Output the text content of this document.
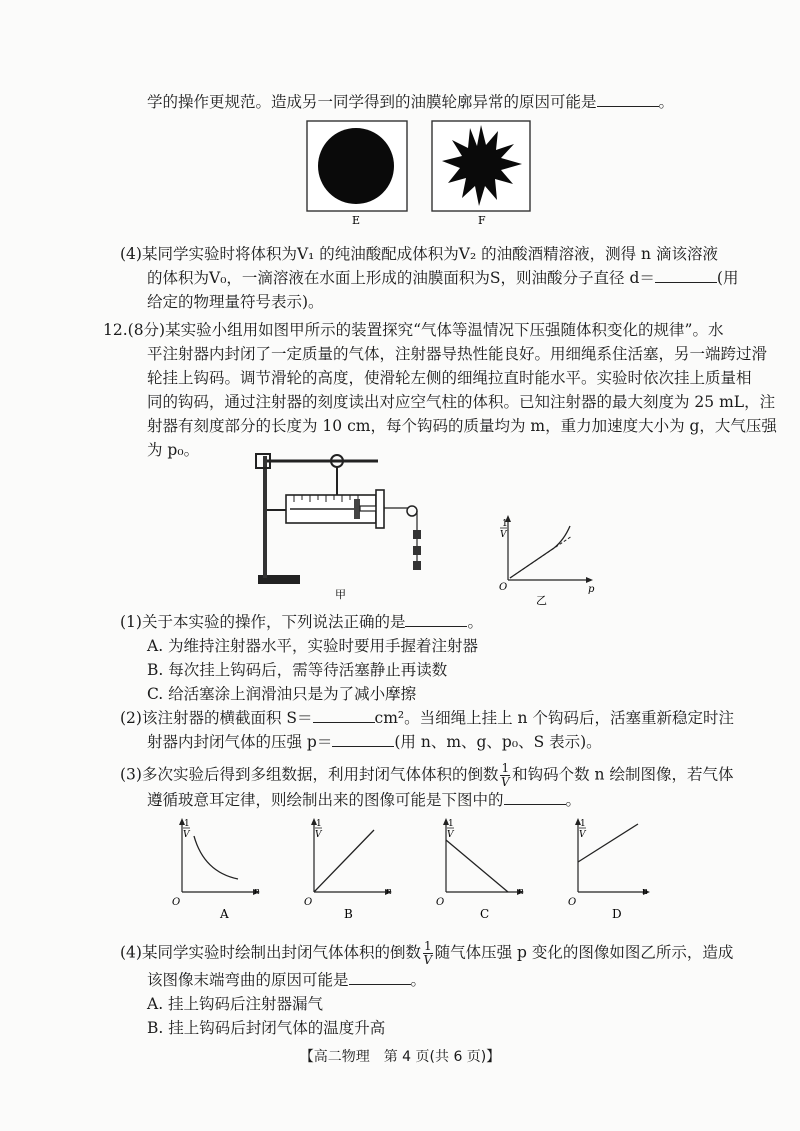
学的操作更规范。造成另一同学得到的油膜轮廓异常的原因可能是	。
E	F
(4)某同学实验时将体积为V₁ 的纯油酸配成体积为V₂ 的油酸酒精溶液，测得 n 滴该溶液
的体积为V₀，一滴溶液在水面上形成的油膜面积为S，则油酸分子直径 d＝	(用
给定的物理量符号表示)。
12.(8分)某实验小组用如图甲所示的装置探究“气体等温情况下压强随体积变化的规律”。水
平注射器内封闭了一定质量的气体，注射器导热性能良好。用细绳系住活塞，另一端跨过滑
轮挂上钩码。调节滑轮的高度，使滑轮左侧的细绳拉直时能水平。实验时依次挂上质量相
同的钩码，通过注射器的刻度读出对应空气柱的体积。已知注射器的最大刻度为 25 mL，注
射器有刻度部分的长度为 10 cm，每个钩码的质量均为 m，重力加速度大小为 g，大气压强
为 p₀。
甲
1
V
O	p
乙
(1)关于本实验的操作，下列说法正确的是	。
A. 为维持注射器水平，实验时要用手握着注射器
B. 每次挂上钩码后，需等待活塞静止再读数
C. 给活塞涂上润滑油只是为了减小摩擦
(2)该注射器的横截面积 S＝	cm²。当细绳上挂上 n 个钩码后，活塞重新稳定时注
射器内封闭气体的压强 p＝	(用 n、m、g、p₀、S 表示)。
(3)多次实验后得到多组数据，利用封闭气体体积的倒数 $\frac{1}{V}$ 和钩码个数 n 绘制图像，若气体
遵循玻意耳定律，则绘制出来的图像可能是下图中的	。
1
V
O
n
A
1
V
O
n
B
1
V
O
n
C
1
V
O
n
D
(4)某同学实验时绘制出封闭气体体积的倒数 $\frac{1}{V}$ 随气体压强 p 变化的图像如图乙所示，造成
该图像末端弯曲的原因可能是	。
A. 挂上钩码后注射器漏气
B. 挂上钩码后封闭气体的温度升高
【高二物理　第 4 页(共 6 页)】
